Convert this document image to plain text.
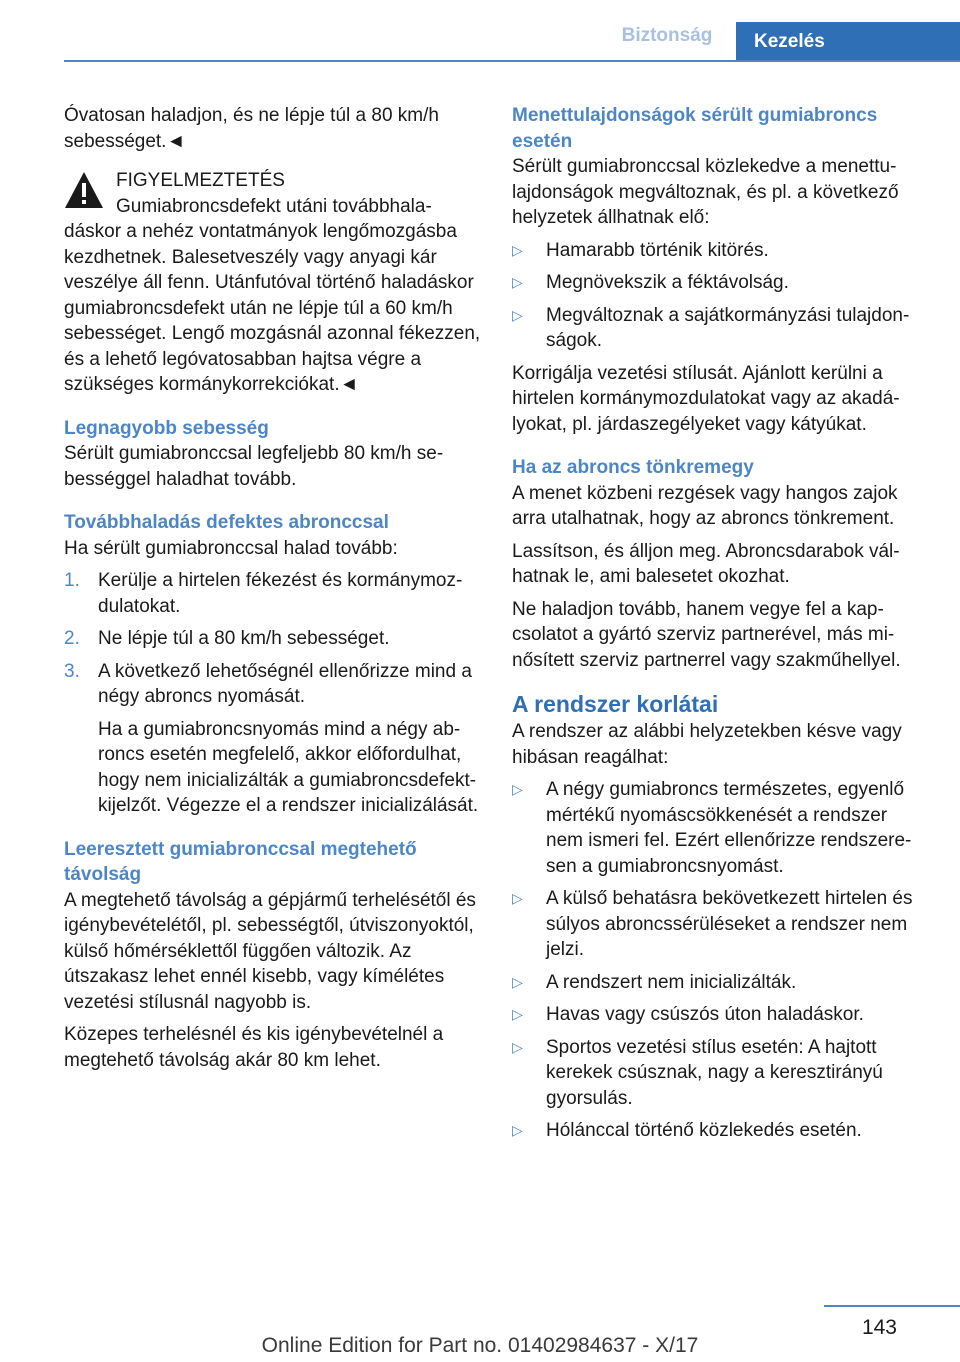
Biztonság	Kezelés

Óvatosan haladjon, és ne lépje túl a 80 km/h sebességet.◄

FIGYELMEZTETÉS

Gumiabroncsdefekt utáni továbbhaladáskor a nehéz vontatmányok lengőmozgásba kezdhetnek. Balesetveszély vagy anyagi kár veszélye áll fenn. Utánfutóval történő haladáskor gumiabroncsdefekt után ne lépje túl a 60 km/h sebességet. Lengő mozgásnál azonnal fékezzen, és a lehető legóvatosabban hajtsa végre a szükséges kormánykorrekciókat.◄

Legnagyobb sebesség

Sérült gumiabronccsal legfeljebb 80 km/h sebességgel haladhat tovább.

Továbbhaladás defektes abronccsal

Ha sérült gumiabronccsal halad tovább:

1. Kerülje a hirtelen fékezést és kormánymozdulatokat.
2. Ne lépje túl a 80 km/h sebességet.
3. A következő lehetőségnél ellenőrizze mind a négy abroncs nyomását.

Ha a gumiabroncsnyomás mind a négy abroncs esetén megfelelő, akkor előfordulhat, hogy nem inicializálták a gumiabroncsdefekt-kijelzőt. Végezze el a rendszer inicializálását.

Leeresztett gumiabronccsal megtehető távolság

A megtehető távolság a gépjármű terhelésétől és igénybevételétől, pl. sebességtől, útviszonyoktól, külső hőmérséklettől függően változik. Az útszakasz lehet ennél kisebb, vagy kímélétes vezetési stílusnál nagyobb is.

Közepes terhelésnél és kis igénybevételnél a megtehető távolság akár 80 km lehet.

Menettulajdonságok sérült gumiabroncs esetén

Sérült gumiabronccsal közlekedve a menettulajdonságok megváltoznak, és pl. a következő helyzetek állhatnak elő:

▷ Hamarabb történik kitörés.
▷ Megnövekszik a féktávolság.
▷ Megváltoznak a sajátkormányzási tulajdonságok.

Korrigálja vezetési stílusát. Ajánlott kerülni a hirtelen kormánymozdulatokat vagy az akadályokat, pl. járdaszegélyeket vagy kátyúkat.

Ha az abroncs tönkremegy

A menet közbeni rezgések vagy hangos zajok arra utalhatnak, hogy az abroncs tönkrement.

Lassítson, és álljon meg. Abroncsdarabok válhatnak le, ami balesetet okozhat.

Ne haladjon tovább, hanem vegye fel a kapcsolatot a gyártó szerviz partnerével, más minősített szerviz partnerrel vagy szakműhellyel.

A rendszer korlátai

A rendszer az alábbi helyzetekben késve vagy hibásan reagálhat:

▷ A négy gumiabroncs természetes, egyenlő mértékű nyomáscsökkenését a rendszer nem ismeri fel. Ezért ellenőrizze rendszeresen a gumiabroncsnyomást.
▷ A külső behatásra bekövetkezett hirtelen és súlyos abroncssérüléseket a rendszer nem jelzi.
▷ A rendszert nem inicializálták.
▷ Havas vagy csúszós úton haladáskor.
▷ Sportos vezetési stílus esetén: A hajtott kerekek csúsznak, nagy a keresztirányú gyorsulás.
▷ Hólánccal történő közlekedés esetén.
143
Online Edition for Part no. 01402984637 - X/17
